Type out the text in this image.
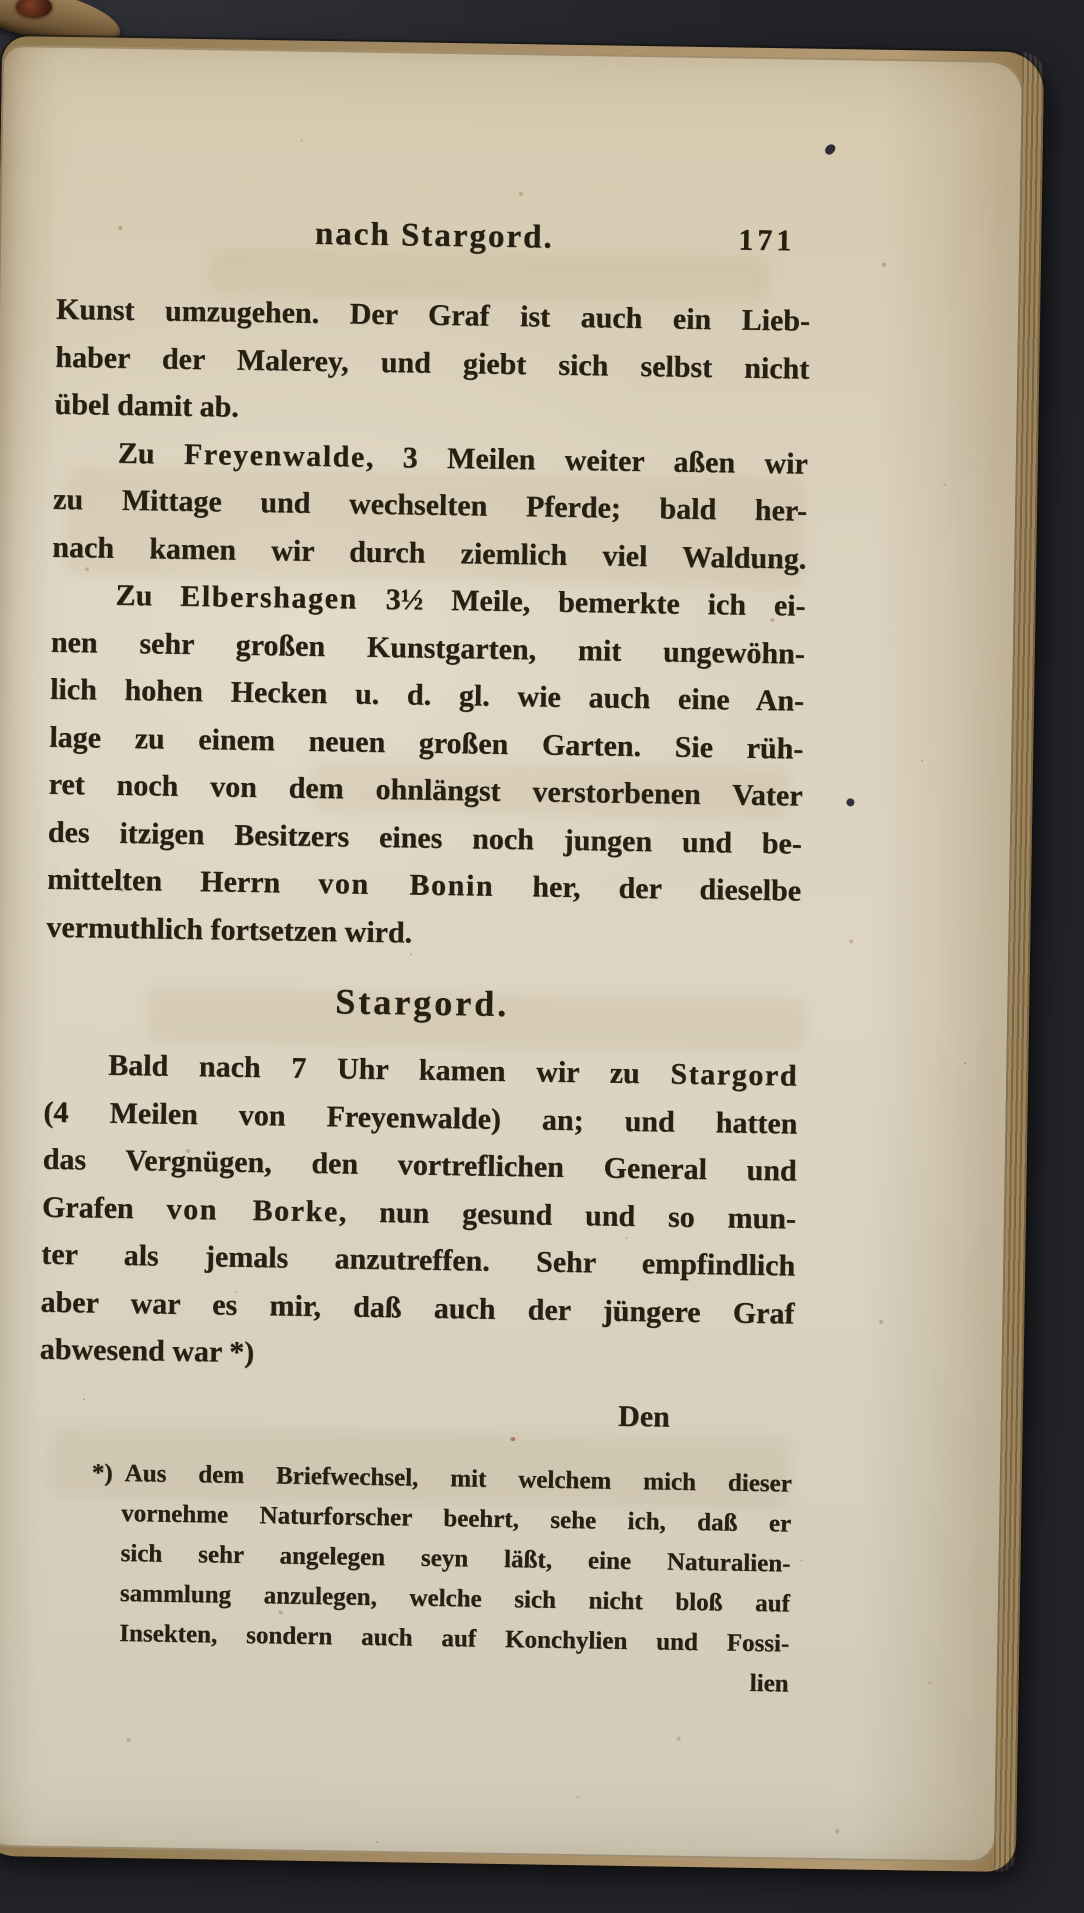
nach Stargord.	171
Kunst umzugehen. Der Graf ist auch ein Lieb-
haber der Malerey, und giebt sich selbst nicht
übel damit ab.
Zu Freyenwalde, 3 Meilen weiter aßen wir
zu Mittage und wechselten Pferde; bald her-
nach kamen wir durch ziemlich viel Waldung.
Zu Elbershagen 3½ Meile, bemerkte ich ei-
nen sehr großen Kunstgarten, mit ungewöhn-
lich hohen Hecken u. d. gl. wie auch eine An-
lage zu einem neuen großen Garten. Sie rüh-
ret noch von dem ohnlängst verstorbenen Vater
des itzigen Besitzers eines noch jungen und be-
mittelten Herrn von Bonin her, der dieselbe
vermuthlich fortsetzen wird.
Stargord.
Bald nach 7 Uhr kamen wir zu Stargord
(4 Meilen von Freyenwalde) an; und hatten
das Vergnügen, den vortreflichen General und
Grafen von Borke, nun gesund und so mun-
ter als jemals anzutreffen. Sehr empfindlich
aber war es mir, daß auch der jüngere Graf
abwesend war *)
Den
*) Aus dem Briefwechsel, mit welchem mich dieser
vornehme Naturforscher beehrt, sehe ich, daß er
sich sehr angelegen seyn läßt, eine Naturalien-
sammlung anzulegen, welche sich nicht bloß auf
Insekten, sondern auch auf Konchylien und Fossi-
lien
